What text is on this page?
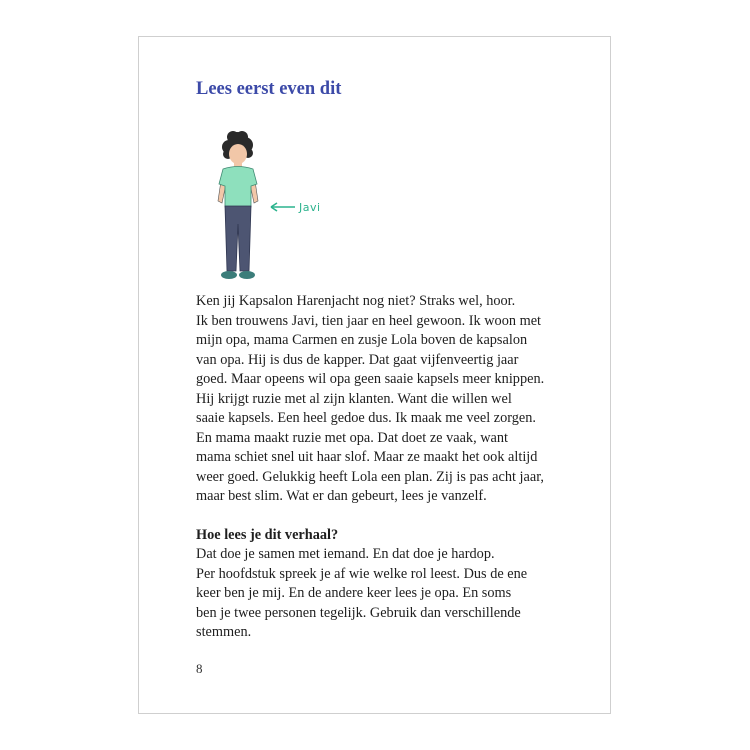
Lees eerst even dit
Javi
Ken jij Kapsalon Harenjacht nog niet? Straks wel, hoor.
Ik ben trouwens Javi, tien jaar en heel gewoon. Ik woon met
mijn opa, mama Carmen en zusje Lola boven de kapsalon
van opa. Hij is dus de kapper. Dat gaat vijfenveertig jaar
goed. Maar opeens wil opa geen saaie kapsels meer knippen.
Hij krijgt ruzie met al zijn klanten. Want die willen wel
saaie kapsels. Een heel gedoe dus. Ik maak me veel zorgen.
En mama maakt ruzie met opa. Dat doet ze vaak, want
mama schiet snel uit haar slof. Maar ze maakt het ook altijd
weer goed. Gelukkig heeft Lola een plan. Zij is pas acht jaar,
maar best slim. Wat er dan gebeurt, lees je vanzelf.
Hoe lees je dit verhaal?
Dat doe je samen met iemand. En dat doe je hardop.
Per hoofdstuk spreek je af wie welke rol leest. Dus de ene
keer ben je mij. En de andere keer lees je opa. En soms
ben je twee personen tegelijk. Gebruik dan verschillende
stemmen.
8
